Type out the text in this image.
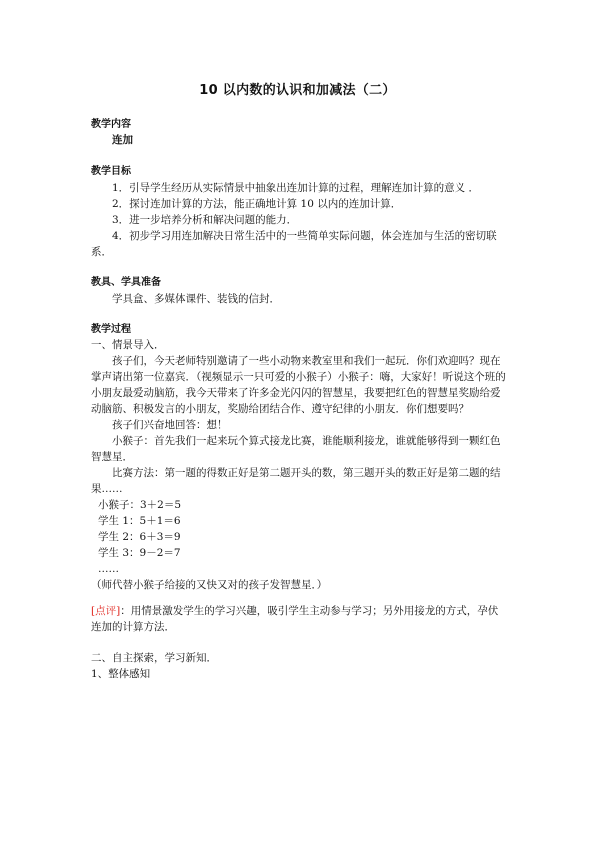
10 以内数的认识和加减法（二）
教学内容
连加
教学目标
1．引导学生经历从实际情景中抽象出连加计算的过程，理解连加计算的意义 ．
2．探讨连加计算的方法，能正确地计算 10 以内的连加计算．
3．进一步培养分析和解决问题的能力．
4．初步学习用连加解决日常生活中的一些简单实际问题，体会连加与生活的密切联
系．
教具、学具准备
学具盒、多媒体课件、装钱的信封．
教学过程
一、情景导入．
孩子们，今天老师特别邀请了一些小动物来教室里和我们一起玩．你们欢迎吗？现在
掌声请出第一位嘉宾．（视频显示一只可爱的小猴子）小猴子：嗨，大家好！听说这个班的
小朋友最爱动脑筋，我今天带来了许多金光闪闪的智慧星，我要把红色的智慧星奖励给爱
动脑筋、积极发言的小朋友，奖励给团结合作、遵守纪律的小朋友．你们想要吗？
孩子们兴奋地回答：想！
小猴子：首先我们一起来玩个算式接龙比赛，谁能顺利接龙，谁就能够得到一颗红色
智慧星．
比赛方法：第一题的得数正好是第二题开头的数，第三题开头的数正好是第二题的结
果……
小猴子：3＋2＝5
学生 1：5＋1＝6
学生 2：6＋3＝9
学生 3：9－2＝7
……
（师代替小猴子给接的又快又对的孩子发智慧星．）
[点评]：用情景激发学生的学习兴趣，吸引学生主动参与学习；另外用接龙的方式，孕伏
连加的计算方法．
二、自主探索，学习新知．
1、整体感知
